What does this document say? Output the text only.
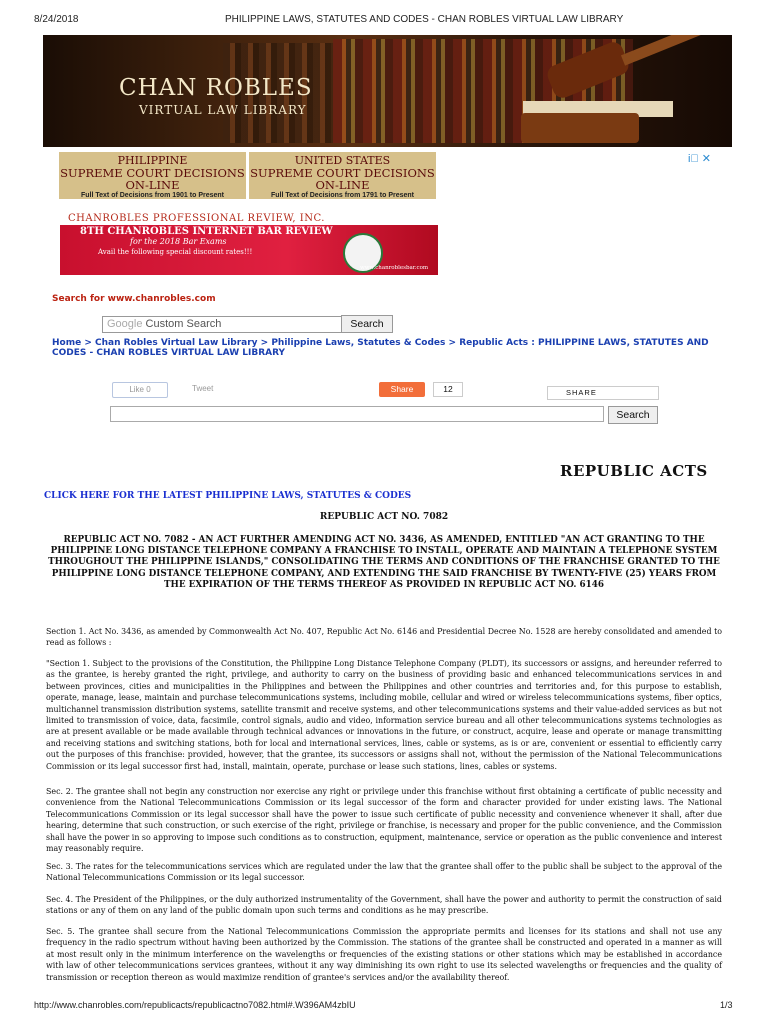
8/24/2018	PHILIPPINE LAWS, STATUTES AND CODES - CHAN ROBLES VIRTUAL LAW LIBRARY
CHAN ROBLES
VIRTUAL LAW LIBRARY
PHILIPPINE
SUPREME COURT DECISIONS
ON-LINE
Full Text of Decisions from 1901 to Present
UNITED STATES
SUPREME COURT DECISIONS
ON-LINE
Full Text of Decisions from 1791 to Present
i⃝ ✕
CHANROBLES PROFESSIONAL REVIEW, INC.
8TH CHANROBLES INTERNET BAR REVIEW
for the 2018 Bar Exams
Avail the following special discount rates!!!
www.chanroblesbar.com
Search for www.chanrobles.com
Google Custom Search	Search
Home > Chan Robles Virtual Law Library > Philippine Laws, Statutes & Codes > Republic Acts : PHILIPPINE LAWS, STATUTES AND CODES - CHAN ROBLES VIRTUAL LAW LIBRARY
Like 0	Tweet	Share	12	SHARE
Search
REPUBLIC ACTS
CLICK HERE FOR THE LATEST PHILIPPINE LAWS, STATUTES & CODES
REPUBLIC ACT NO. 7082
REPUBLIC ACT NO. 7082 - AN ACT FURTHER AMENDING ACT NO. 3436, AS AMENDED, ENTITLED "AN ACT GRANTING TO THE PHILIPPINE LONG DISTANCE TELEPHONE COMPANY A FRANCHISE TO INSTALL, OPERATE AND MAINTAIN A TELEPHONE SYSTEM THROUGHOUT THE PHILIPPINE ISLANDS," CONSOLIDATING THE TERMS AND CONDITIONS OF THE FRANCHISE GRANTED TO THE PHILIPPINE LONG DISTANCE TELEPHONE COMPANY, AND EXTENDING THE SAID FRANCHISE BY TWENTY-FIVE (25) YEARS FROM THE EXPIRATION OF THE TERMS THEREOF AS PROVIDED IN REPUBLIC ACT NO. 6146
Section 1. Act No. 3436, as amended by Commonwealth Act No. 407, Republic Act No. 6146 and Presidential Decree No. 1528 are hereby consolidated and amended to read as follows :
"Section 1. Subject to the provisions of the Constitution, the Philippine Long Distance Telephone Company (PLDT), its successors or assigns, and hereunder referred to as the grantee, is hereby granted the right, privilege, and authority to carry on the business of providing basic and enhanced telecommunications services in and between provinces, cities and municipalities in the Philippines and between the Philippines and other countries and territories and, for this purpose to establish, operate, manage, lease, maintain and purchase telecommunications systems, including mobile, cellular and wired or wireless telecommunications systems, fiber optics, multichannel transmission distribution systems, satellite transmit and receive systems, and other telecommunications systems and their value-added services as but not limited to transmission of voice, data, facsimile, control signals, audio and video, information service bureau and all other telecommunications systems technologies as are at present available or be made available through technical advances or innovations in the future, or construct, acquire, lease and operate or manage transmitting and receiving stations and switching stations, both for local and international services, lines, cable or systems, as is or are, convenient or essential to efficiently carry out the purposes of this franchise: provided, however, that the grantee, its successors or assigns shall not, without the permission of the National Telecommunications Commission or its legal successor first had, install, maintain, operate, purchase or lease such stations, lines, cables or systems.
Sec. 2. The grantee shall not begin any construction nor exercise any right or privilege under this franchise without first obtaining a certificate of public necessity and convenience from the National Telecommunications Commission or its legal successor of the form and character provided for under existing laws. The National Telecommunications Commission or its legal successor shall have the power to issue such certificate of public necessity and convenience whenever it shall, after due hearing, determine that such construction, or such exercise of the right, privilege or franchise, is necessary and proper for the public convenience, and the Commission shall have the power in so approving to impose such conditions as to construction, equipment, maintenance, service or operation as the public convenience and interest may reasonably require.
Sec. 3. The rates for the telecommunications services which are regulated under the law that the grantee shall offer to the public shall be subject to the approval of the National Telecommunications Commission or its legal successor.
Sec. 4. The President of the Philippines, or the duly authorized instrumentality of the Government, shall have the power and authority to permit the construction of said stations or any of them on any land of the public domain upon such terms and conditions as he may prescribe.
Sec. 5. The grantee shall secure from the National Telecommunications Commission the appropriate permits and licenses for its stations and shall not use any frequency in the radio spectrum without having been authorized by the Commission. The stations of the grantee shall be constructed and operated in a manner as will at most result only in the minimum interference on the wavelengths or frequencies of the existing stations or other stations which may be established in accordance with law of other telecommunications services grantees, without it any way diminishing its own right to use its selected wavelengths or frequencies and the quality of transmission or reception thereon as would maximize rendition of grantee's services and/or the availability thereof.
http://www.chanrobles.com/republicacts/republicactno7082.html#.W396AM4zbIU	1/3
